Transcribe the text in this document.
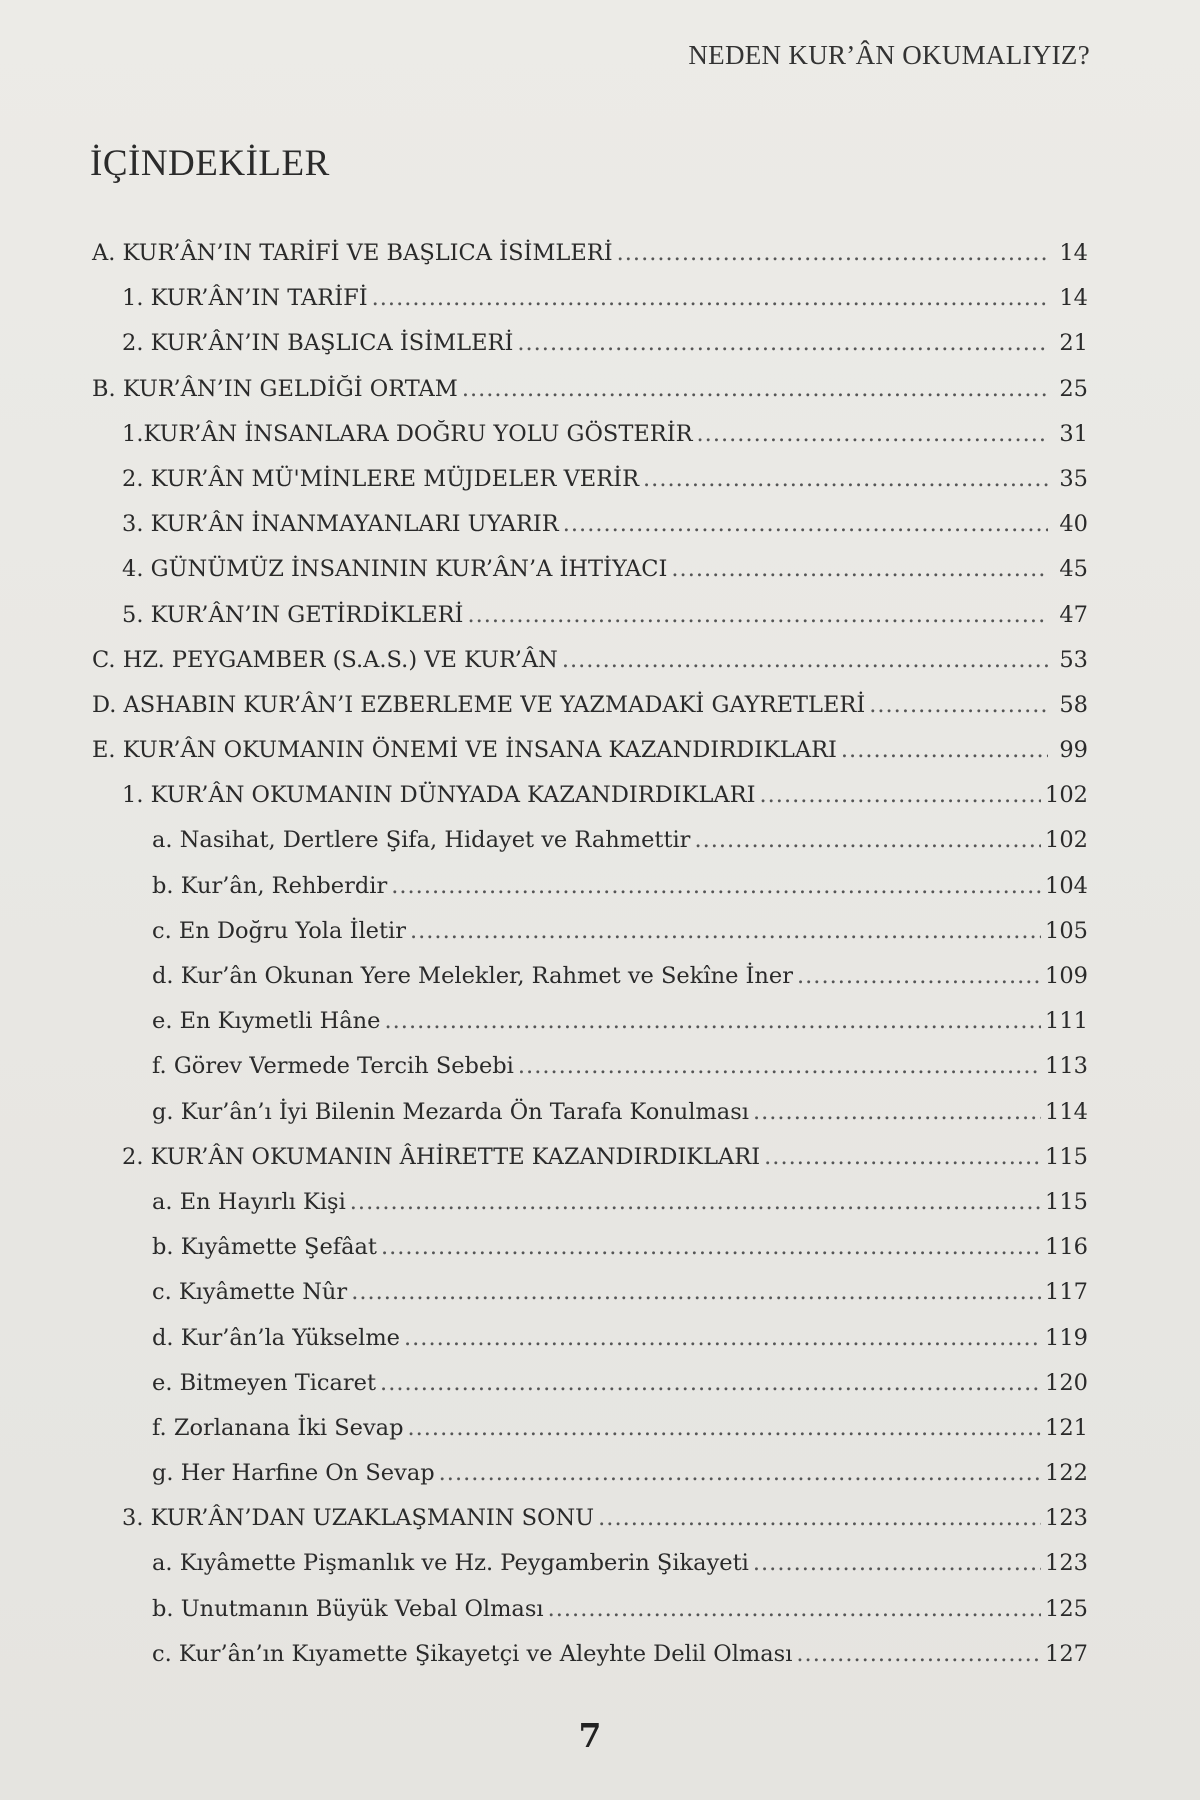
NEDEN KUR’ÂN OKUMALIYIZ?
İÇİNDEKİLER
A. KUR’ÂN’IN TARİFİ VE BAŞLICA İSİMLERİ .....	14
1. KUR’ÂN’IN TARİFİ .....	14
2. KUR’ÂN’IN BAŞLICA İSİMLERİ .....	21
B. KUR’ÂN’IN GELDİĞİ ORTAM .....	25
1.KUR’ÂN İNSANLARA DOĞRU YOLU GÖSTERİR .....	31
2. KUR’ÂN MÜ'MİNLERE MÜJDELER VERİR .....	35
3. KUR’ÂN İNANMAYANLARI UYARIR .....	40
4. GÜNÜMÜZ İNSANININ KUR’ÂN’A İHTİYACI .....	45
5. KUR’ÂN’IN GETİRDİKLERİ .....	47
C. HZ. PEYGAMBER (S.A.S.) VE KUR’ÂN .....	53
D. ASHABIN KUR’ÂN’I EZBERLEME VE YAZMADAKİ GAYRETLERİ .....	58
E. KUR’ÂN OKUMANIN ÖNEMİ VE İNSANA KAZANDIRDIKLARI .....	99
1. KUR’ÂN OKUMANIN DÜNYADA KAZANDIRDIKLARI .....	102
a. Nasihat, Dertlere Şifa, Hidayet ve Rahmettir .....	102
b. Kur’ân, Rehberdir .....	104
c. En Doğru Yola İletir .....	105
d. Kur’ân Okunan Yere Melekler, Rahmet ve Sekîne İner .....	109
e. En Kıymetli Hâne .....	111
f. Görev Vermede Tercih Sebebi .....	113
g. Kur’ân’ı İyi Bilenin Mezarda Ön Tarafa Konulması .....	114
2. KUR’ÂN OKUMANIN ÂHİRETTE KAZANDIRDIKLARI .....	115
a. En Hayırlı Kişi .....	115
b. Kıyâmette Şefâat .....	116
c. Kıyâmette Nûr .....	117
d. Kur’ân’la Yükselme .....	119
e. Bitmeyen Ticaret .....	120
f. Zorlanana İki Sevap .....	121
g. Her Harfine On Sevap .....	122
3. KUR’ÂN’DAN UZAKLAŞMANIN SONU .....	123
a. Kıyâmette Pişmanlık ve Hz. Peygamberin Şikayeti .....	123
b. Unutmanın Büyük Vebal Olması .....	125
c. Kur’ân’ın Kıyamette Şikayetçi ve Aleyhte Delil Olması .....	127
7
